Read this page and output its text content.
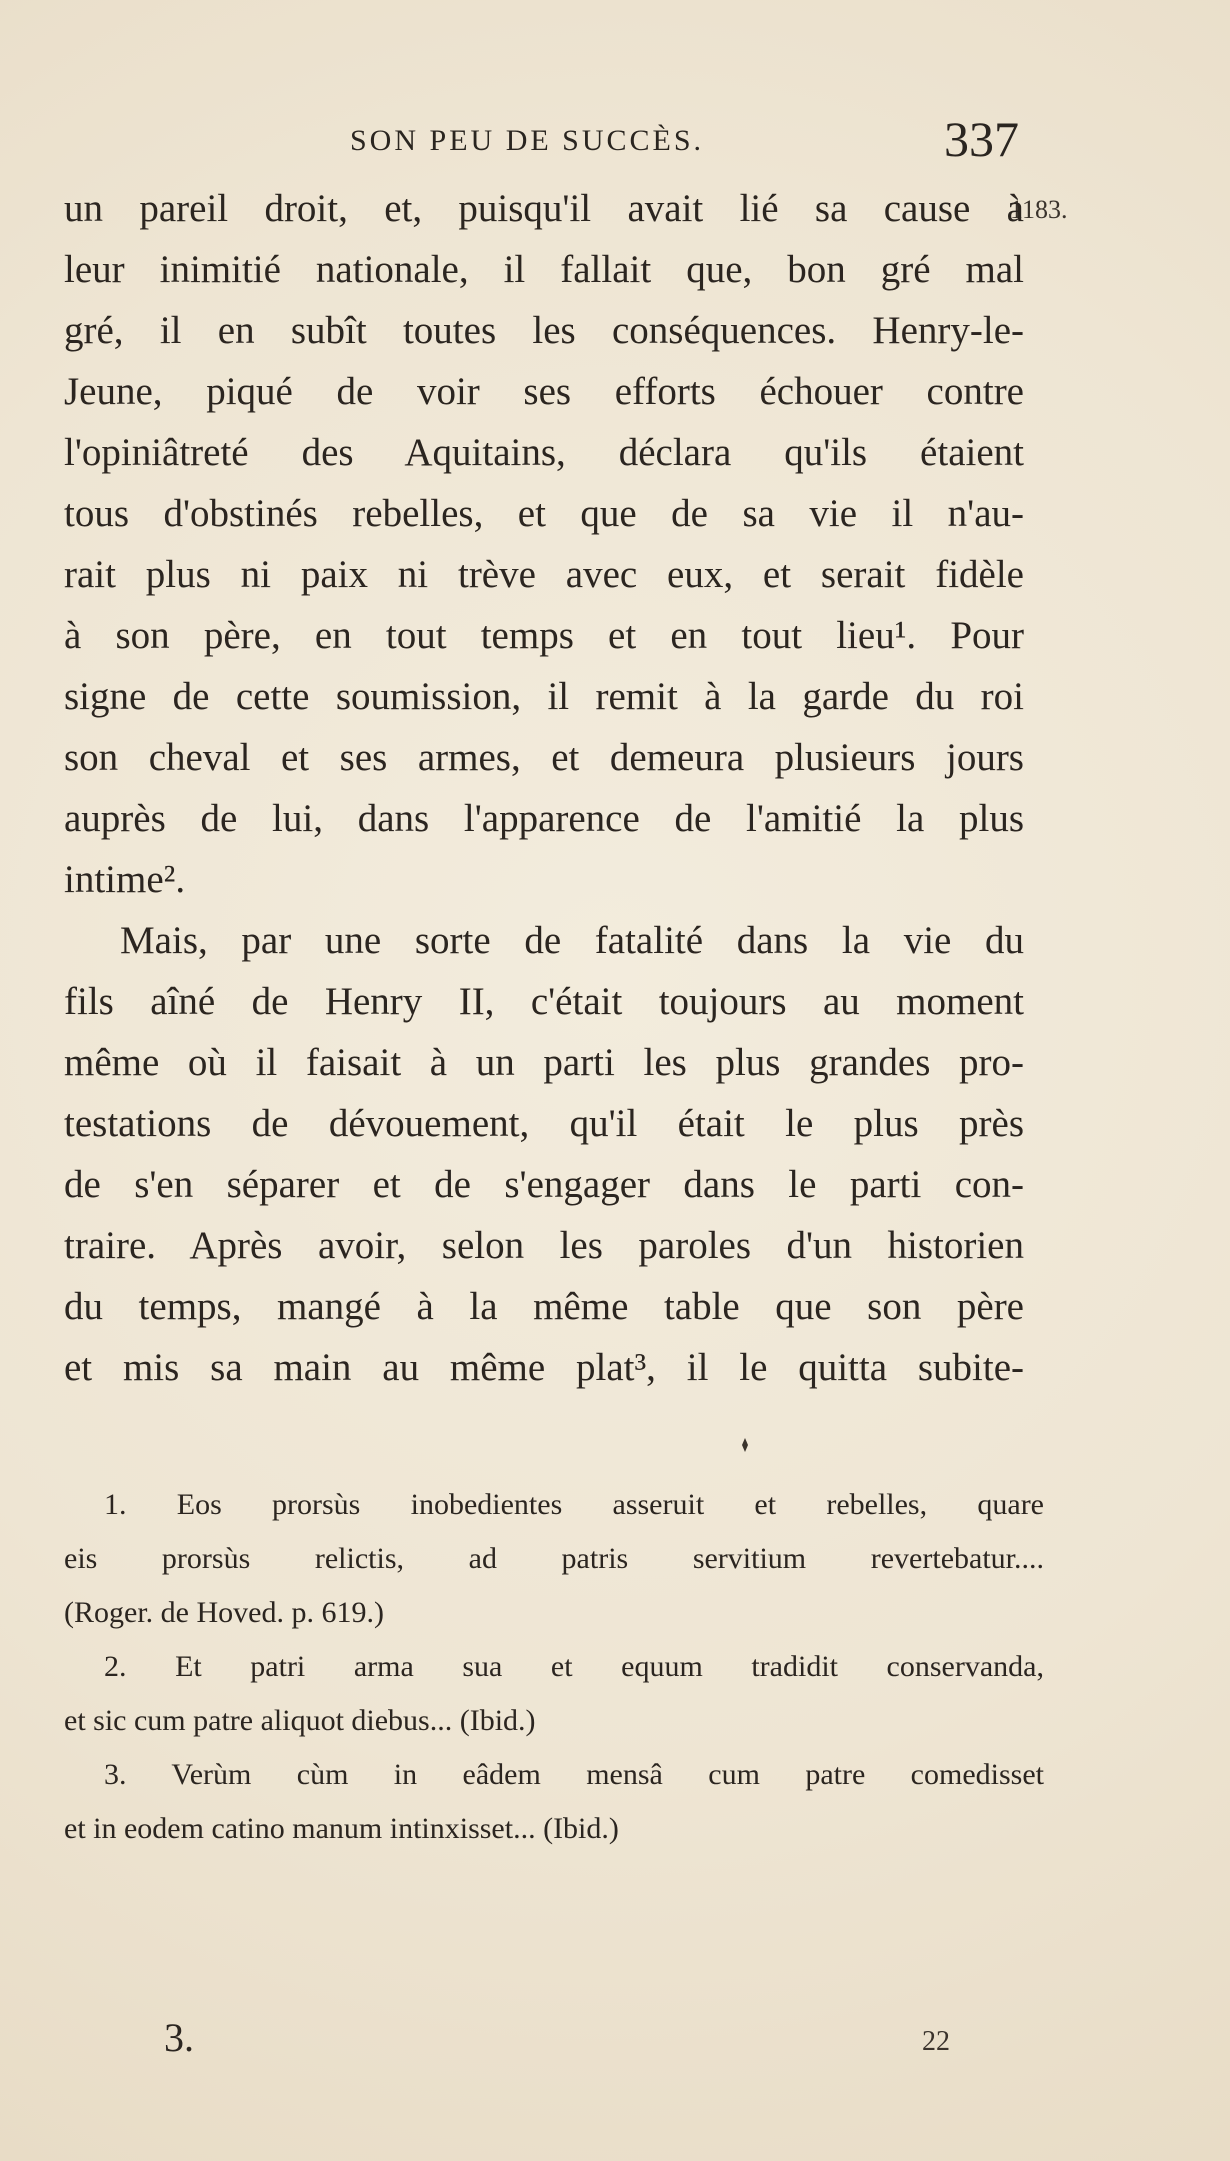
SON PEU DE SUCCÈS.	337
1183.
un pareil droit, et, puisqu'il avait lié sa cause à
leur inimitié nationale, il fallait que, bon gré mal
gré, il en subît toutes les conséquences. Henry-le-
Jeune, piqué de voir ses efforts échouer contre
l'opiniâtreté des Aquitains, déclara qu'ils étaient
tous d'obstinés rebelles, et que de sa vie il n'au-
rait plus ni paix ni trève avec eux, et serait fidèle
à son père, en tout temps et en tout lieu¹. Pour
signe de cette soumission, il remit à la garde du roi
son cheval et ses armes, et demeura plusieurs jours
auprès de lui, dans l'apparence de l'amitié la plus
intime².
Mais, par une sorte de fatalité dans la vie du
fils aîné de Henry II, c'était toujours au moment
même où il faisait à un parti les plus grandes pro-
testations de dévouement, qu'il était le plus près
de s'en séparer et de s'engager dans le parti con-
traire. Après avoir, selon les paroles d'un historien
du temps, mangé à la même table que son père
et mis sa main au même plat³, il le quitta subite-
1. Eos prorsùs inobedientes asseruit et rebelles, quare
eis prorsùs relictis, ad patris servitium revertebatur....
(Roger. de Hoved. p. 619.)
2. Et patri arma sua et equum tradidit conservanda,
et sic cum patre aliquot diebus... (Ibid.)
3. Verùm cùm in eâdem mensâ cum patre comedisset
et in eodem catino manum intinxisset... (Ibid.)
3.	22
